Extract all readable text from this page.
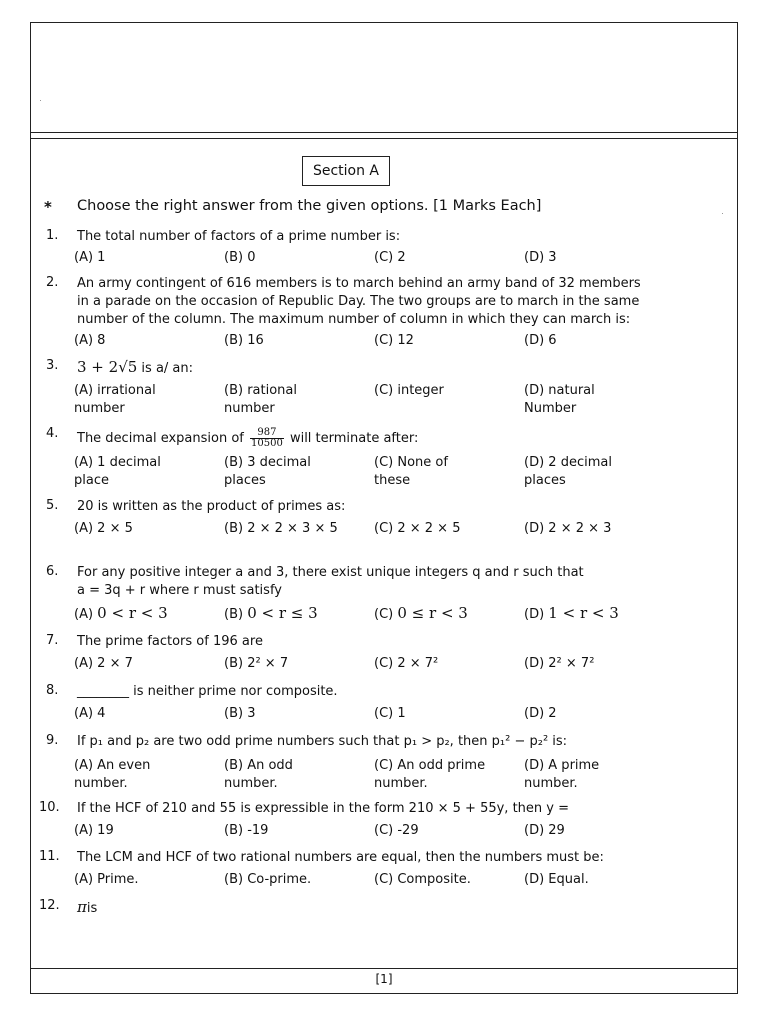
Section A
* Choose the right answer from the given options. [1 Marks Each]
1. The total number of factors of a prime number is:
(A) 1	(B) 0	(C) 2	(D) 3
2. An army contingent of 616 members is to march behind an army band of 32 members
in a parade on the occasion of Republic Day. The two groups are to march in the same
number of the column. The maximum number of column in which they can march is:
(A) 8	(B) 16	(C) 12	(D) 6
3. 3 + 2√5 is a/ an:
(A) irrational number
(B) rational number
(C) integer	(D) natural Number
4. The decimal expansion of $\frac{987}{10500}$ will terminate after:
(A) 1 decimal place
(B) 3 decimal places
(C) None of these
(D) 2 decimal places
5. 20 is written as the product of primes as:
(A) 2 × 5	(B) 2 × 2 × 3 × 5	(C) 2 × 2 × 5	(D) 2 × 2 × 3
6. For any positive integer a and 3, there exist unique integers q and r such that
a = 3q + r where r must satisfy
(A) 0 < r < 3	(B) 0 < r ≤ 3	(C) 0 ≤ r < 3	(D) 1 < r < 3
7. The prime factors of 196 are
(A) 2 × 7	(B) 2² × 7	(C) 2 × 7²	(D) 2² × 7²
8. ________ is neither prime nor composite.
(A) 4	(B) 3	(C) 1	(D) 2
9. If p₁ and p₂ are two odd prime numbers such that p₁ > p₂, then p₁² − p₂² is:
(A) An even number.
(B) An odd number.
(C) An odd prime number.
(D) A prime number.
10. If the HCF of 210 and 55 is expressible in the form 210 × 5 + 55y, then y =
(A) 19	(B) -19	(C) -29	(D) 29
11. The LCM and HCF of two rational numbers are equal, then the numbers must be:
(A) Prime.	(B) Co-prime.	(C) Composite.	(D) Equal.
12. πis
[1]
